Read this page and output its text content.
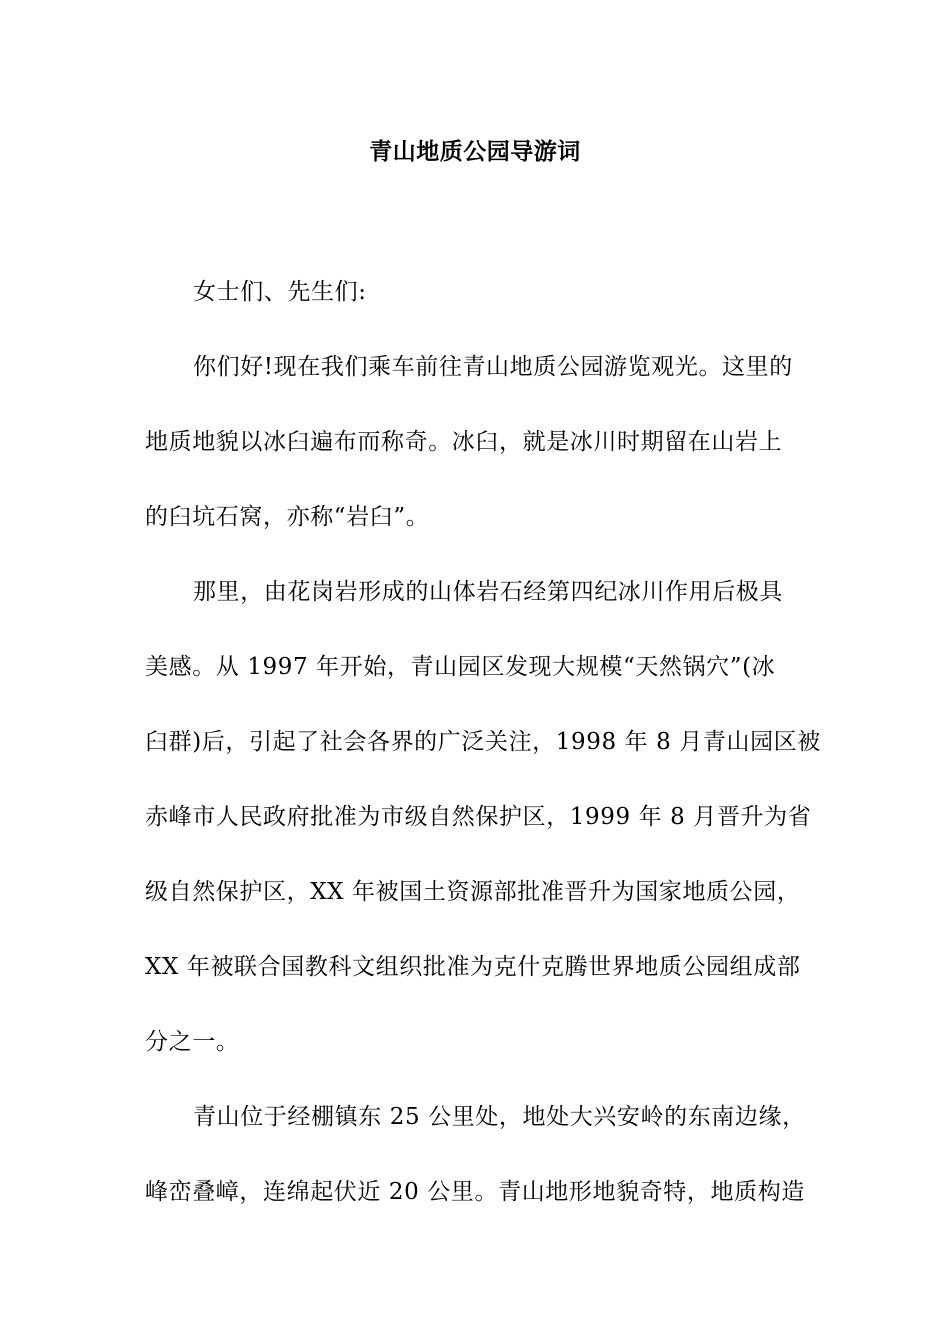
青山地质公园导游词
女士们、先生们:
你们好!现在我们乘车前往青山地质公园游览观光。这里的
地质地貌以冰臼遍布而称奇。冰臼，就是冰川时期留在山岩上
的臼坑石窝，亦称“岩臼”。
那里，由花岗岩形成的山体岩石经第四纪冰川作用后极具
美感。从 1997 年开始，青山园区发现大规模“天然锅穴”(冰
臼群)后，引起了社会各界的广泛关注，1998 年 8 月青山园区被
赤峰市人民政府批准为市级自然保护区，1999 年 8 月晋升为省
级自然保护区，XX 年被国土资源部批准晋升为国家地质公园，
XX 年被联合国教科文组织批准为克什克腾世界地质公园组成部
分之一。
青山位于经棚镇东 25 公里处，地处大兴安岭的东南边缘，
峰峦叠嶂，连绵起伏近 20 公里。青山地形地貌奇特，地质构造
